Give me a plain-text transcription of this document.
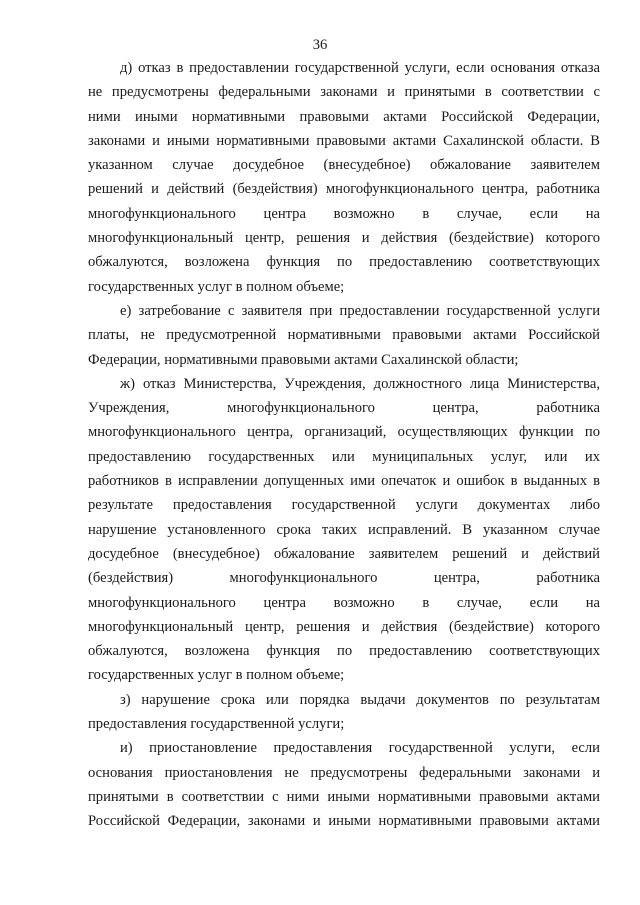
36
д) отказ в предоставлении государственной услуги, если основания отказа
не предусмотрены федеральными законами и принятыми в соответствии с
ними иными нормативными правовыми актами Российской Федерации,
законами и иными нормативными правовыми актами Сахалинской области. В
указанном случае досудебное (внесудебное) обжалование заявителем
решений и действий (бездействия) многофункционального центра, работника
многофункционального центра возможно в случае, если на
многофункциональный центр, решения и действия (бездействие) которого
обжалуются, возложена функция по предоставлению соответствующих
государственных услуг в полном объеме;
е) затребование с заявителя при предоставлении государственной услуги
платы, не предусмотренной нормативными правовыми актами Российской
Федерации, нормативными правовыми актами Сахалинской области;
ж) отказ Министерства, Учреждения, должностного лица Министерства,
Учреждения, многофункционального центра, работника
многофункционального центра, организаций, осуществляющих функции по
предоставлению государственных или муниципальных услуг, или их
работников в исправлении допущенных ими опечаток и ошибок в выданных в
результате предоставления государственной услуги документах либо
нарушение установленного срока таких исправлений. В указанном случае
досудебное (внесудебное) обжалование заявителем решений и действий
(бездействия) многофункционального центра, работника
многофункционального центра возможно в случае, если на
многофункциональный центр, решения и действия (бездействие) которого
обжалуются, возложена функция по предоставлению соответствующих
государственных услуг в полном объеме;
з) нарушение срока или порядка выдачи документов по результатам
предоставления государственной услуги;
и) приостановление предоставления государственной услуги, если
основания приостановления не предусмотрены федеральными законами и
принятыми в соответствии с ними иными нормативными правовыми актами
Российской Федерации, законами и иными нормативными правовыми актами
